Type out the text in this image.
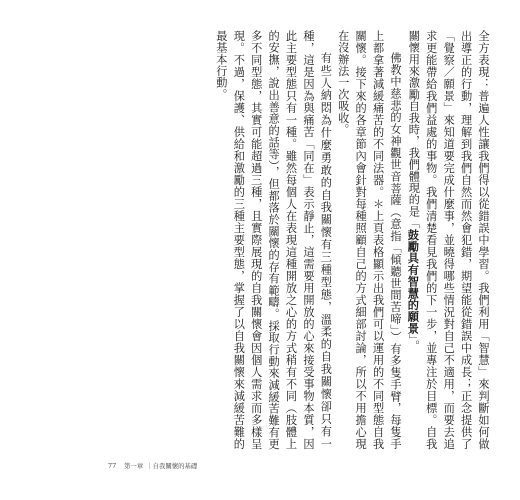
全方表現：普遍人性讓我們得以從錯誤中學習。我們利用「智慧」來判斷如何做出導正的行動，理解到我們自然而然會犯錯，期望能從錯誤中成長；正念提供了「覺察／願景」來知道要完成什麼事，並曉得哪些情況對自己不適用，而要去追求更能帶給我們益處的事物。我們清楚看見我們的下一步，並專注於目標。自我關懷用來激勵自我時，我們體現的是「鼓勵具有智慧的願景」。

佛教中慈悲的女神觀世音菩薩（意指「傾聽世間苦啼」）有多隻手臂，每隻手上都拿著減緩痛苦的不同法器。＊上頁表格顯示出我們可以運用的不同型態自我關懷。接下來的各章節內會針對每種照顧自己的方式細部討論，所以不用擔心現在沒辦法一次吸收。

有些人納悶為什麼勇敢的自我關懷有三種型態，溫柔的自我關懷卻只有一種，這是因為與痛苦「同在」表示靜止，這需要用開放的心來接受事物本質，因此主要型態只有一種。雖然每個人在表現這種開放之心的方式稍有不同（肢體上的安撫，說出善意的話等），但都落於關懷的存有範疇。採取行動來減緩苦難有更多不同型態，其實可能超過三種，且實際展現的自我關懷會因個人需求而多樣呈現。不過，保護、供給和激勵的三種主要型態，掌握了以自我關懷來減緩苦難的最基本行動。

77 第一章 ｜自我關懷的基礎
